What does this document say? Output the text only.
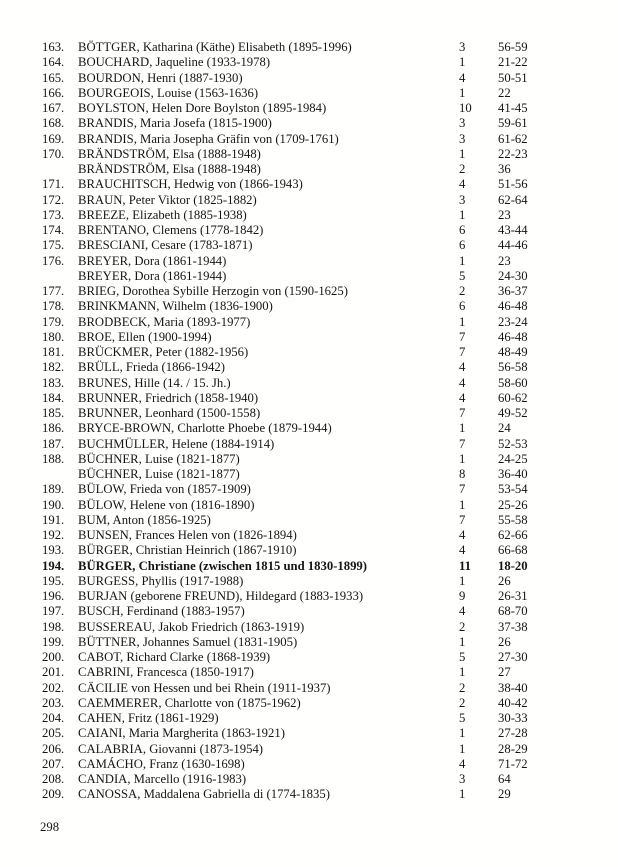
163.	BÖTTGER, Katharina (Käthe) Elisabeth (1895-1996)	3	56-59
164.	BOUCHARD, Jaqueline (1933-1978)	1	21-22
165.	BOURDON, Henri (1887-1930)	4	50-51
166.	BOURGEOIS, Louise (1563-1636)	1	22
167.	BOYLSTON, Helen Dore Boylston (1895-1984)	10	41-45
168.	BRANDIS, Maria Josefa (1815-1900)	3	59-61
169.	BRANDIS, Maria Josepha Gräfin von (1709-1761)	3	61-62
170.	BRÄNDSTRÖM, Elsa (1888-1948)	1	22-23
BRÄNDSTRÖM, Elsa (1888-1948)	2	36
171.	BRAUCHITSCH, Hedwig von (1866-1943)	4	51-56
172.	BRAUN, Peter Viktor (1825-1882)	3	62-64
173.	BREEZE, Elizabeth (1885-1938)	1	23
174.	BRENTANO, Clemens (1778-1842)	6	43-44
175.	BRESCIANI, Cesare (1783-1871)	6	44-46
176.	BREYER, Dora (1861-1944)	1	23
BREYER, Dora (1861-1944)	5	24-30
177.	BRIEG, Dorothea Sybille Herzogin von (1590-1625)	2	36-37
178.	BRINKMANN, Wilhelm (1836-1900)	6	46-48
179.	BRODBECK, Maria (1893-1977)	1	23-24
180.	BROE, Ellen (1900-1994)	7	46-48
181.	BRÜCKMER, Peter (1882-1956)	7	48-49
182.	BRÜLL, Frieda (1866-1942)	4	56-58
183.	BRUNES, Hille (14. / 15. Jh.)	4	58-60
184.	BRUNNER, Friedrich (1858-1940)	4	60-62
185.	BRUNNER, Leonhard (1500-1558)	7	49-52
186.	BRYCE-BROWN, Charlotte Phoebe (1879-1944)	1	24
187.	BUCHMÜLLER, Helene (1884-1914)	7	52-53
188.	BÜCHNER, Luise (1821-1877)	1	24-25
BÜCHNER, Luise (1821-1877)	8	36-40
189.	BÜLOW, Frieda von (1857-1909)	7	53-54
190.	BÜLOW, Helene von (1816-1890)	1	25-26
191.	BUM, Anton (1856-1925)	7	55-58
192.	BUNSEN, Frances Helen von (1826-1894)	4	62-66
193.	BÜRGER, Christian Heinrich (1867-1910)	4	66-68
194.	BÜRGER, Christiane (zwischen 1815 und 1830-1899)	11	18-20
195.	BURGESS, Phyllis (1917-1988)	1	26
196.	BURJAN (geborene FREUND), Hildegard (1883-1933)	9	26-31
197.	BUSCH, Ferdinand (1883-1957)	4	68-70
198.	BUSSEREAU, Jakob Friedrich (1863-1919)	2	37-38
199.	BÜTTNER, Johannes Samuel (1831-1905)	1	26
200.	CABOT, Richard Clarke (1868-1939)	5	27-30
201.	CABRINI, Francesca (1850-1917)	1	27
202.	CÄCILIE von Hessen und bei Rhein (1911-1937)	2	38-40
203.	CAEMMERER, Charlotte von (1875-1962)	2	40-42
204.	CAHEN, Fritz (1861-1929)	5	30-33
205.	CAIANI, Maria Margherita (1863-1921)	1	27-28
206.	CALABRIA, Giovanni (1873-1954)	1	28-29
207.	CAMÁCHO, Franz (1630-1698)	4	71-72
208.	CANDIA, Marcello (1916-1983)	3	64
209.	CANOSSA, Maddalena Gabriella di (1774-1835)	1	29
298
